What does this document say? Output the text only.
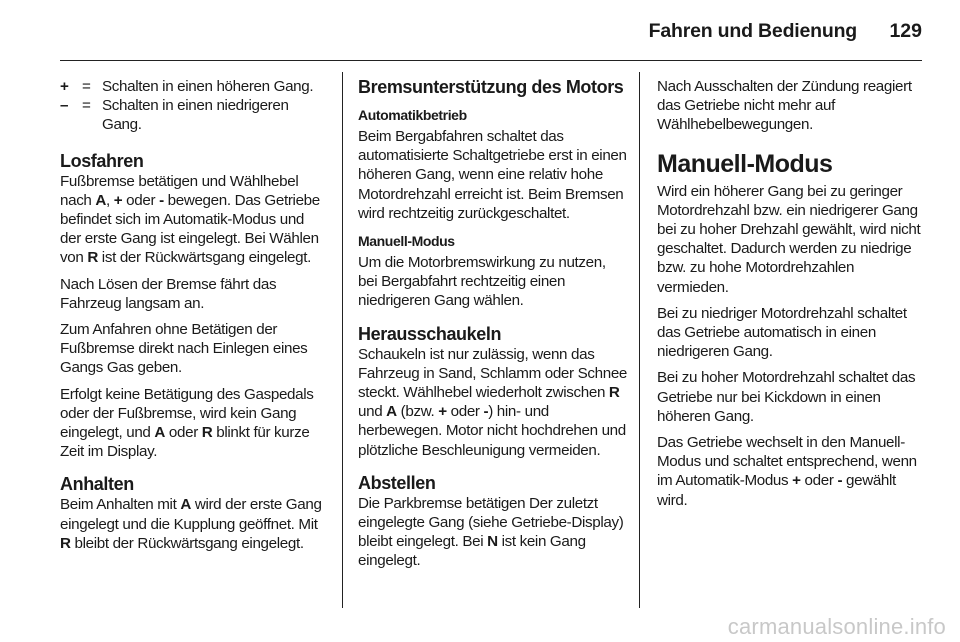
Fahren und Bedienung 129
+ = Schalten in einen höheren Gang.
– = Schalten in einen niedrigeren Gang.
Losfahren

Fußbremse betätigen und Wählhebel nach A, + oder - bewegen. Das Getriebe befindet sich im Automatik-Modus und der erste Gang ist eingelegt. Bei Wählen von R ist der Rückwärtsgang eingelegt.

Nach Lösen der Bremse fährt das Fahrzeug langsam an.

Zum Anfahren ohne Betätigen der Fußbremse direkt nach Einlegen eines Gangs Gas geben.

Erfolgt keine Betätigung des Gaspedals oder der Fußbremse, wird kein Gang eingelegt, und A oder R blinkt für kurze Zeit im Display.

Anhalten

Beim Anhalten mit A wird der erste Gang eingelegt und die Kupplung geöffnet. Mit R bleibt der Rückwärtsgang eingelegt.

Bremsunterstützung des Motors
Automatikbetrieb

Beim Bergabfahren schaltet das automatisierte Schaltgetriebe erst in einen höheren Gang, wenn eine relativ hohe Motordrehzahl erreicht ist. Beim Bremsen wird rechtzeitig zurückgeschaltet.

Manuell-Modus

Um die Motorbremswirkung zu nutzen, bei Bergabfahrt rechtzeitig einen niedrigeren Gang wählen.

Herausschaukeln

Schaukeln ist nur zulässig, wenn das Fahrzeug in Sand, Schlamm oder Schnee steckt. Wählhebel wiederholt zwischen R und A (bzw. + oder -) hin- und herbewegen. Motor nicht hochdrehen und plötzliche Beschleunigung vermeiden.

Abstellen

Die Parkbremse betätigen Der zuletzt eingelegte Gang (siehe Getriebe-Display) bleibt eingelegt. Bei N ist kein Gang eingelegt.

Nach Ausschalten der Zündung reagiert das Getriebe nicht mehr auf Wählhebelbewegungen.

Manuell-Modus

Wird ein höherer Gang bei zu geringer Motordrehzahl bzw. ein niedrigerer Gang bei zu hoher Drehzahl gewählt, wird nicht geschaltet. Dadurch werden zu niedrige bzw. zu hohe Motordrehzahlen vermieden.

Bei zu niedriger Motordrehzahl schaltet das Getriebe automatisch in einen niedrigeren Gang.

Bei zu hoher Motordrehzahl schaltet das Getriebe nur bei Kickdown in einen höheren Gang.

Das Getriebe wechselt in den Manuell-Modus und schaltet entsprechend, wenn im Automatik-Modus + oder - gewählt wird.

carmanualsonline.info
